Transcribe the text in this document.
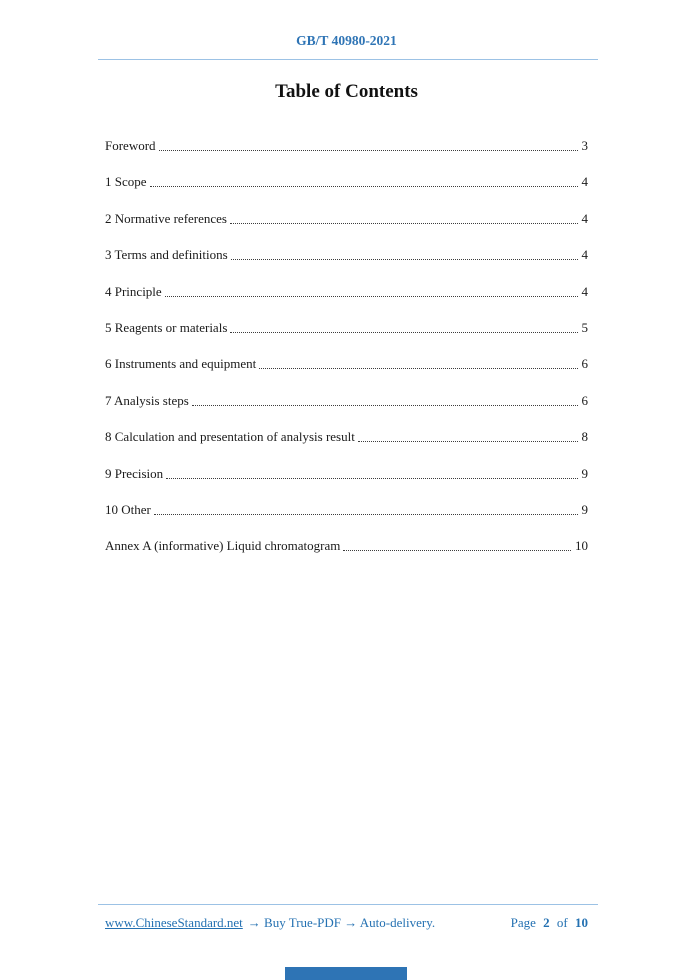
GB/T 40980-2021
Table of Contents
Foreword	3
1 Scope	4
2 Normative references	4
3 Terms and definitions	4
4 Principle	4
5 Reagents or materials	5
6 Instruments and equipment	6
7 Analysis steps	6
8 Calculation and presentation of analysis result	8
9 Precision	9
10 Other	9
Annex A (informative) Liquid chromatogram	10
www.ChineseStandard.net → Buy True-PDF → Auto-delivery.	Page 2 of 10
